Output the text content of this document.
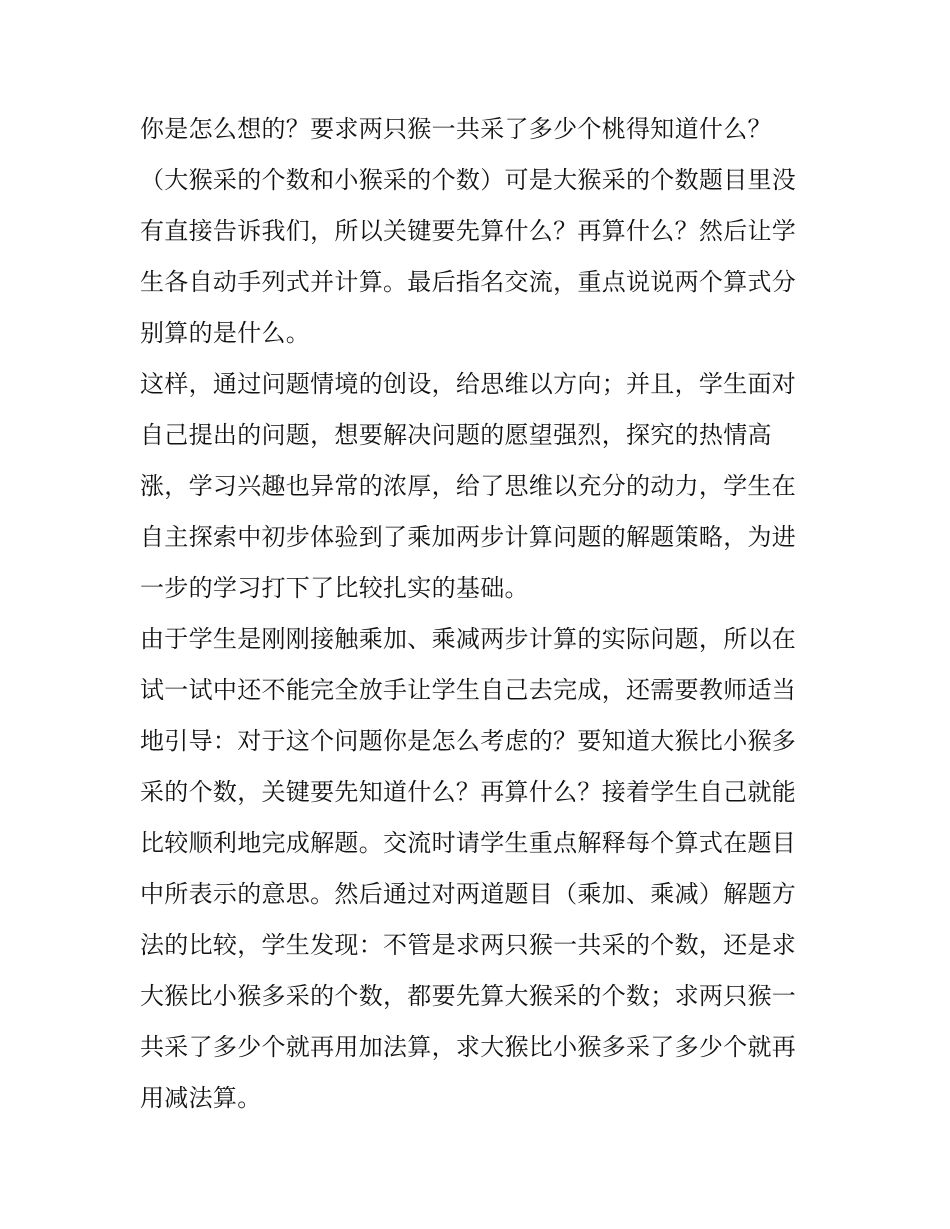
你是怎么想的？要求两只猴一共采了多少个桃得知道什么？
（大猴采的个数和小猴采的个数）可是大猴采的个数题目里没
有直接告诉我们，所以关键要先算什么？再算什么？然后让学
生各自动手列式并计算。最后指名交流，重点说说两个算式分
别算的是什么。
这样，通过问题情境的创设，给思维以方向；并且，学生面对
自己提出的问题，想要解决问题的愿望强烈，探究的热情高
涨，学习兴趣也异常的浓厚，给了思维以充分的动力，学生在
自主探索中初步体验到了乘加两步计算问题的解题策略，为进
一步的学习打下了比较扎实的基础。
由于学生是刚刚接触乘加、乘减两步计算的实际问题，所以在
试一试中还不能完全放手让学生自己去完成，还需要教师适当
地引导：对于这个问题你是怎么考虑的？要知道大猴比小猴多
采的个数，关键要先知道什么？再算什么？接着学生自己就能
比较顺利地完成解题。交流时请学生重点解释每个算式在题目
中所表示的意思。然后通过对两道题目（乘加、乘减）解题方
法的比较，学生发现：不管是求两只猴一共采的个数，还是求
大猴比小猴多采的个数，都要先算大猴采的个数；求两只猴一
共采了多少个就再用加法算，求大猴比小猴多采了多少个就再
用减法算。
